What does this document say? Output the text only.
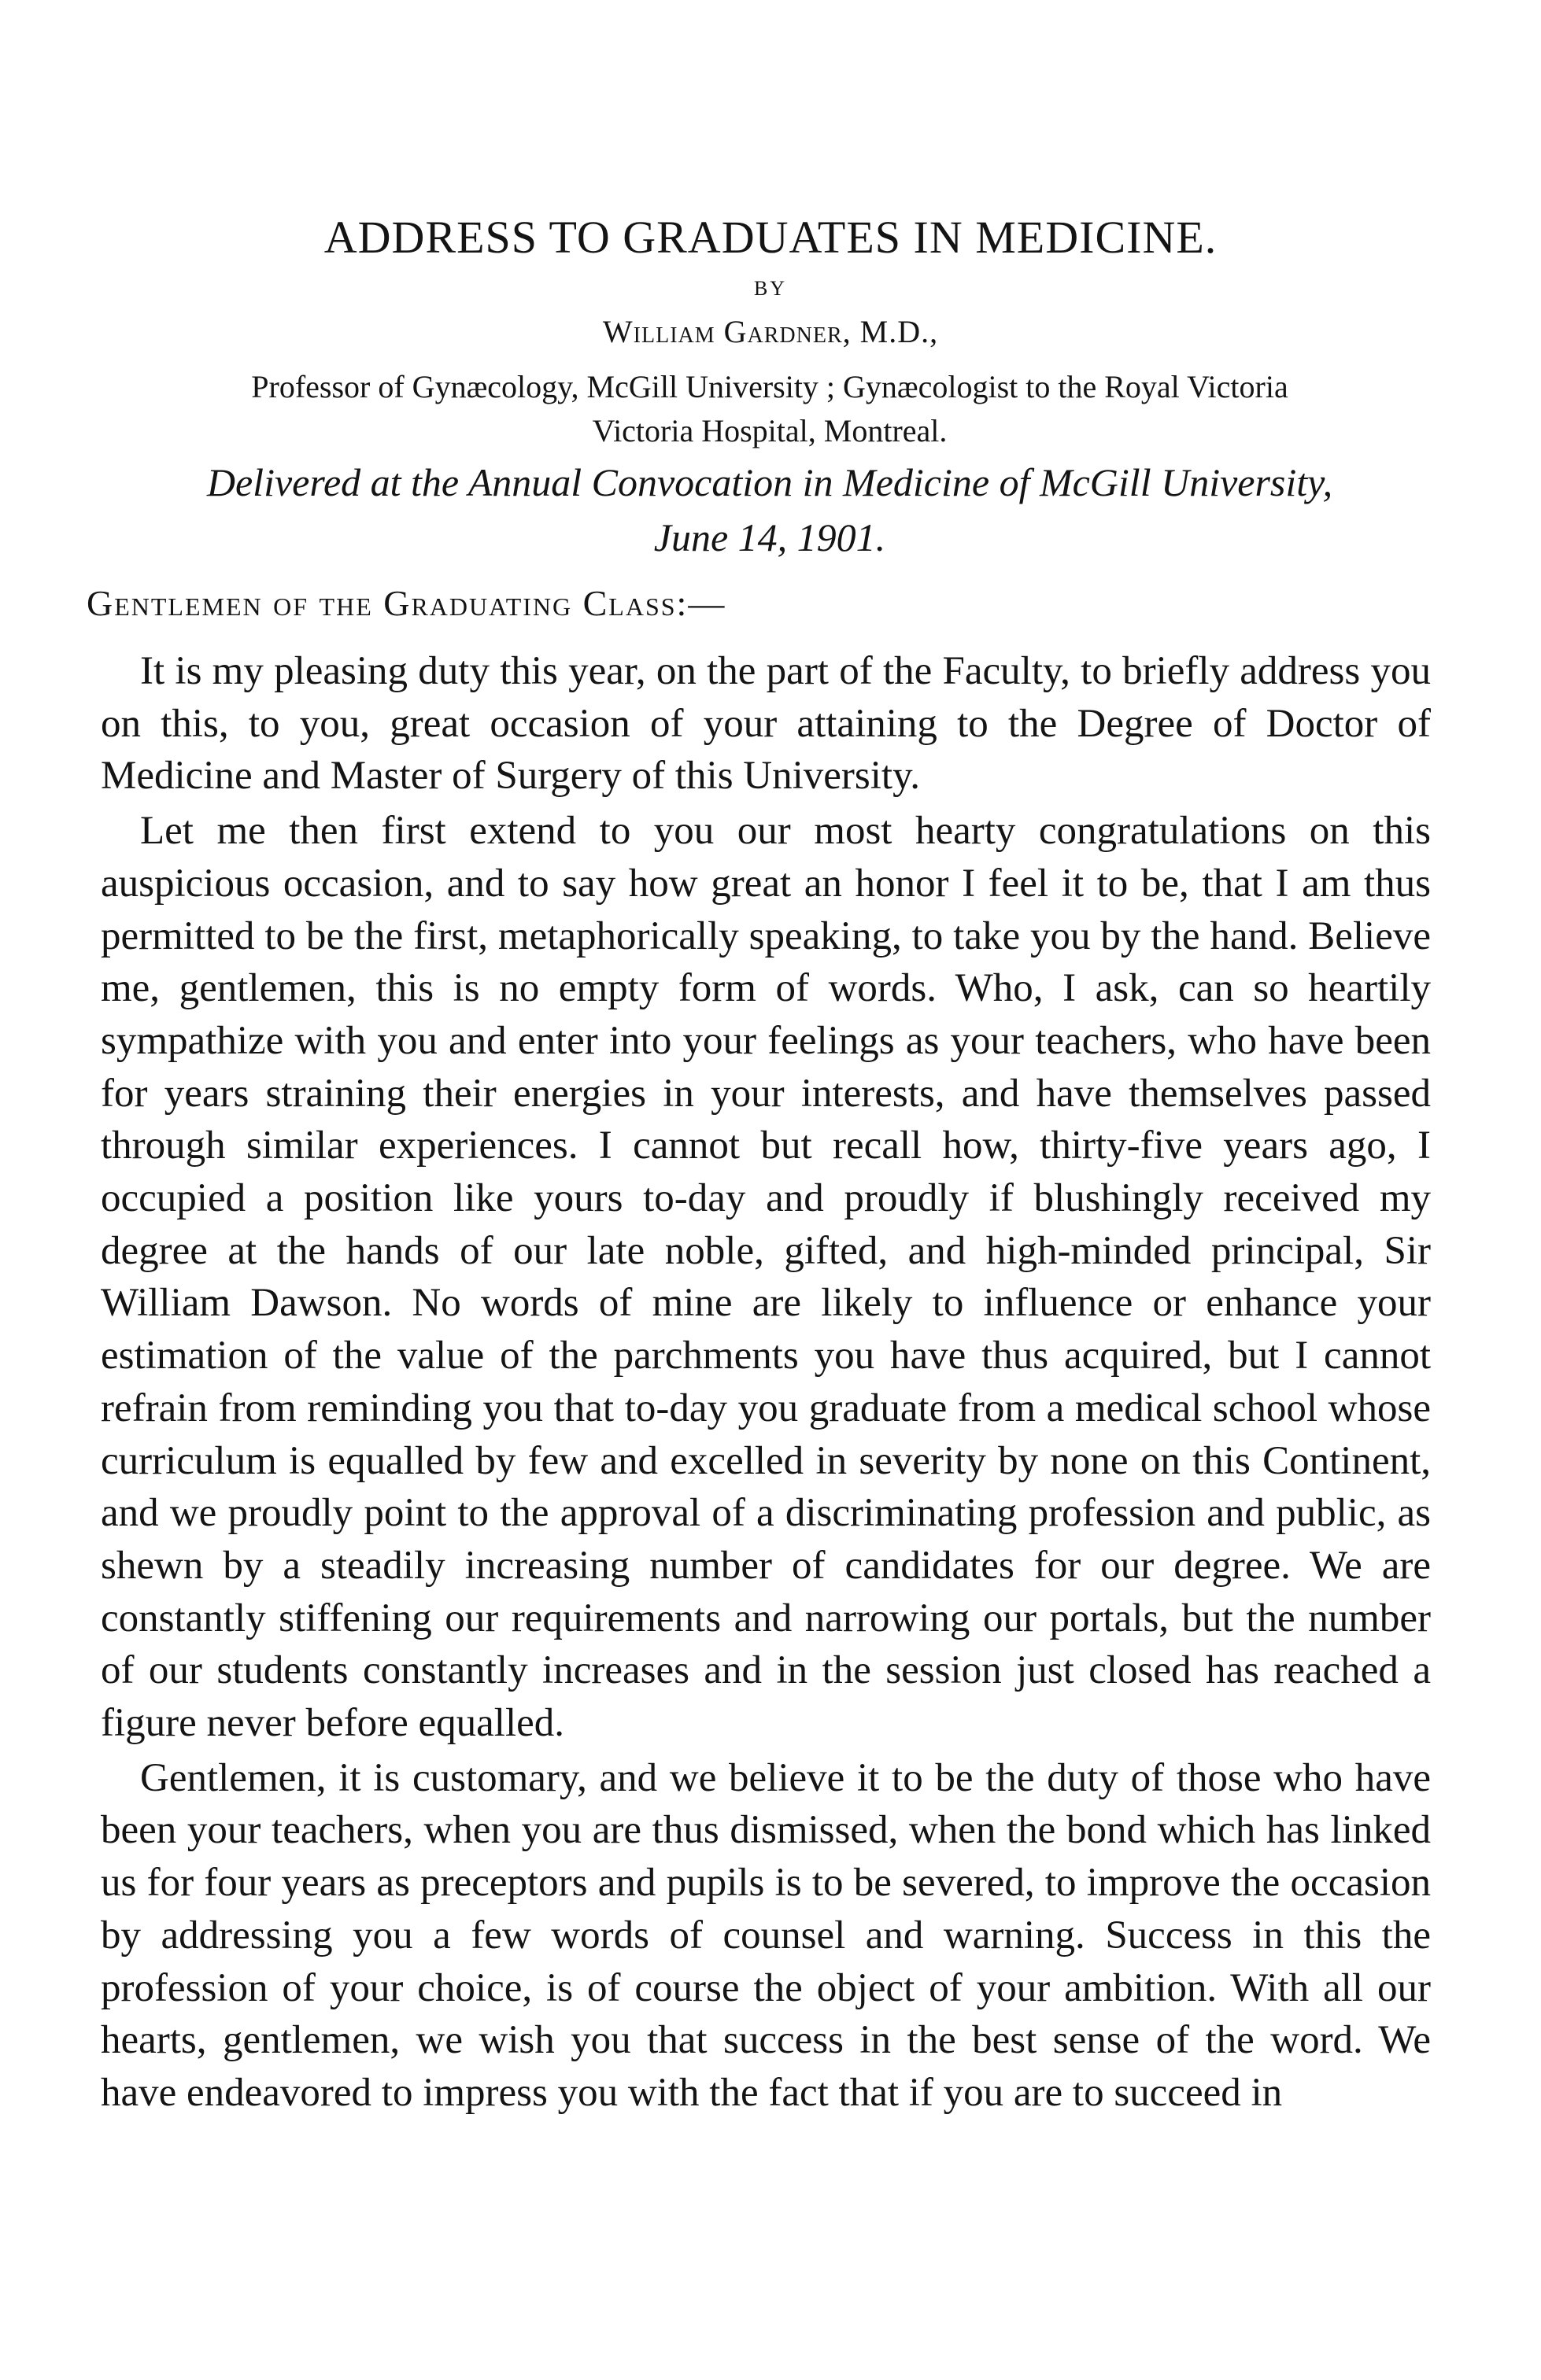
ADDRESS TO GRADUATES IN MEDICINE.
BY
William Gardner, M.D.,
Professor of Gynæcology, McGill University ; Gynæcologist to the Royal Victoria
Victoria Hospital, Montreal.
Delivered at the Annual Convocation in Medicine of McGill University,
June 14, 1901.
Gentlemen of the Graduating Class:—

It is my pleasing duty this year, on the part of the Faculty, to briefly address you on this, to you, great occasion of your attaining to the Degree of Doctor of Medicine and Master of Surgery of this University.

Let me then first extend to you our most hearty congratulations on this auspicious occasion, and to say how great an honor I feel it to be, that I am thus permitted to be the first, metaphorically speaking, to take you by the hand. Believe me, gentlemen, this is no empty form of words. Who, I ask, can so heartily sympathize with you and enter into your feelings as your teachers, who have been for years straining their energies in your interests, and have themselves passed through similar experiences. I cannot but recall how, thirty-five years ago, I occupied a position like yours to-day and proudly if blushingly received my degree at the hands of our late noble, gifted, and high-minded principal, Sir William Dawson. No words of mine are likely to influence or enhance your estimation of the value of the parchments you have thus acquired, but I cannot refrain from reminding you that to-day you graduate from a medical school whose curriculum is equalled by few and excelled in severity by none on this Continent, and we proudly point to the approval of a discriminating profession and public, as shewn by a steadily increasing number of candidates for our degree. We are constantly stiffening our requirements and narrowing our portals, but the number of our students constantly increases and in the session just closed has reached a figure never before equalled.

Gentlemen, it is customary, and we believe it to be the duty of those who have been your teachers, when you are thus dismissed, when the bond which has linked us for four years as preceptors and pupils is to be severed, to improve the occasion by addressing you a few words of counsel and warning. Success in this the profession of your choice, is of course the object of your ambition. With all our hearts, gentlemen, we wish you that success in the best sense of the word. We have endeavored to impress you with the fact that if you are to succeed in
